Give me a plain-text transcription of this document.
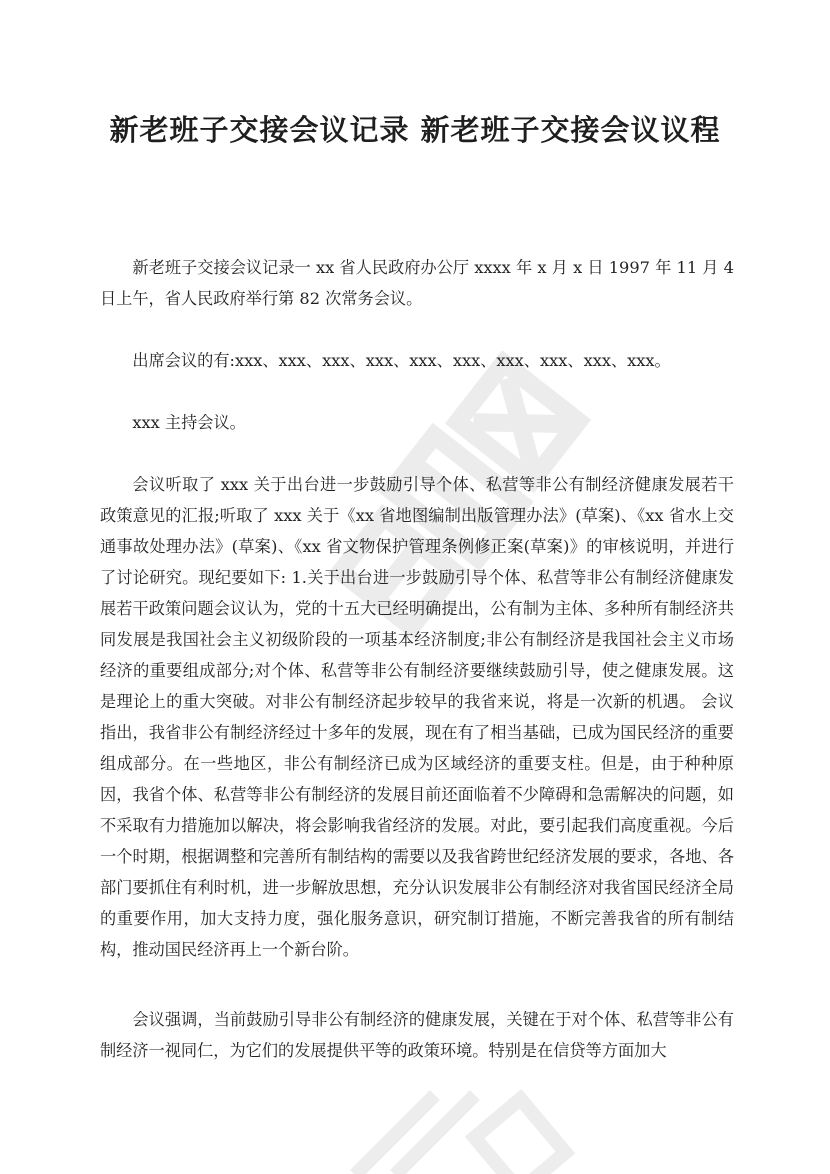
新老班子交接会议记录 新老班子交接会议议程

新老班子交接会议记录一 xx 省人民政府办公厅 xxxx 年 x 月 x 日 1997 年 11 月 4 日上午，省人民政府举行第 82 次常务会议。

出席会议的有:xxx、xxx、xxx、xxx、xxx、xxx、xxx、xxx、xxx、xxx。

xxx 主持会议。

会议听取了 xxx 关于出台进一步鼓励引导个体、私营等非公有制经济健康发展若干政策意见的汇报;听取了 xxx 关于《xx 省地图编制出版管理办法》(草案)、《xx 省水上交通事故处理办法》(草案)、《xx 省文物保护管理条例修正案(草案)》的审核说明，并进行了讨论研究。现纪要如下: 1.关于出台进一步鼓励引导个体、私营等非公有制经济健康发展若干政策问题会议认为，党的十五大已经明确提出，公有制为主体、多种所有制经济共同发展是我国社会主义初级阶段的一项基本经济制度;非公有制经济是我国社会主义市场经济的重要组成部分;对个体、私营等非公有制经济要继续鼓励引导，使之健康发展。这是理论上的重大突破。对非公有制经济起步较早的我省来说，将是一次新的机遇。 会议指出，我省非公有制经济经过十多年的发展，现在有了相当基础，已成为国民经济的重要组成部分。在一些地区，非公有制经济已成为区域经济的重要支柱。但是，由于种种原因，我省个体、私营等非公有制经济的发展目前还面临着不少障碍和急需解决的问题，如不采取有力措施加以解决，将会影响我省经济的发展。对此，要引起我们高度重视。今后一个时期，根据调整和完善所有制结构的需要以及我省跨世纪经济发展的要求，各地、各部门要抓住有利时机，进一步解放思想，充分认识发展非公有制经济对我省国民经济全局的重要作用，加大支持力度，强化服务意识，研究制订措施，不断完善我省的所有制结构，推动国民经济再上一个新台阶。

会议强调，当前鼓励引导非公有制经济的健康发展，关键在于对个体、私营等非公有制经济一视同仁，为它们的发展提供平等的政策环境。特别是在信贷等方面加大
